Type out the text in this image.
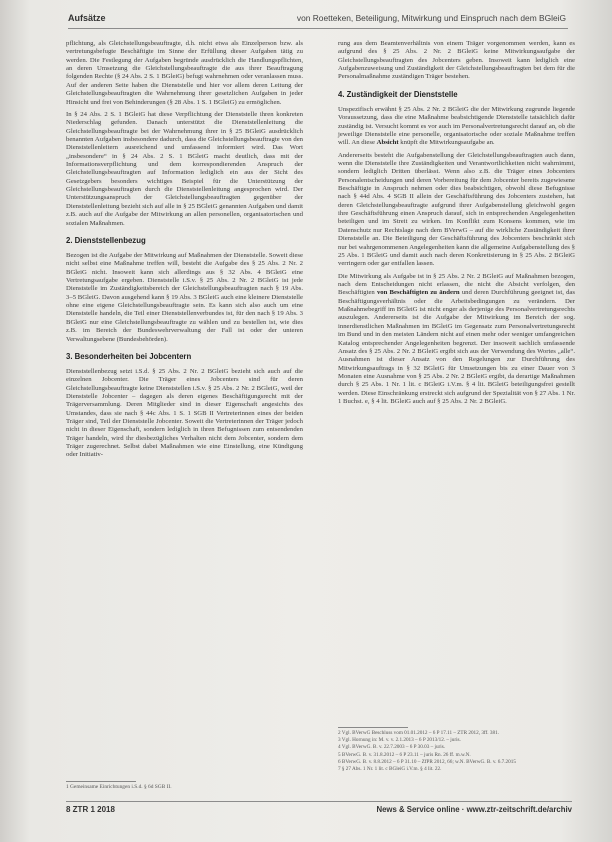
Aufsätze	von Roetteken, Beteiligung, Mitwirkung und Einspruch nach dem BGleiG

pflichtung, als Gleichstellungsbeauftragte, d.h. nicht etwa als Einzelperson bzw. als vertretungsbefugte Beschäftigte im Sinne der Erfüllung dieser Aufgaben tätig zu werden. Die Festlegung der Aufgaben begründe ausdrücklich die Handlungspflichten, an deren Umsetzung die Gleichstellungsbeauftragte die aus ihrer Beauftragung folgenden Rechte (§ 24 Abs. 2 S. 1 BGleiG) befugt wahrnehmen oder veranlassen muss. Auf der anderen Seite haben die Dienststelle und hier vor allem deren Leitung der Gleichstellungsbeauftragten die Wahrnehmung ihrer gesetzlichen Aufgaben in jeder Hinsicht und frei von Behinderungen (§ 28 Abs. 1 S. 1 BGleiG) zu ermöglichen.

In § 24 Abs. 2 S. 1 BGleiG hat diese Verpflichtung der Dienststelle ihren konkreten Niederschlag gefunden. Danach unterstützt die Dienststellenleitung die Gleichstellungsbeauftragte bei der Wahrnehmung ihrer in § 25 BGleiG ausdrücklich benannten Aufgaben insbesondere dadurch, dass die Gleichstellungsbeauftragte von den Dienststellenleitern ausreichend und umfassend informiert wird. Das Wort „insbesondere“ in § 24 Abs. 2 S. 1 BGleiG macht deutlich, dass mit der Informationsverpflichtung und dem korrespondierenden Anspruch der Gleichstellungsbeauftragten auf Information lediglich ein aus der Sicht des Gesetzgebers besonders wichtiges Beispiel für die Unterstützung der Gleichstellungsbeauftragten durch die Dienststellenleitung angesprochen wird. Der Unterstützungsanspruch der Gleichstellungsbeauftragten gegenüber der Dienststellenleitung bezieht sich auf alle in § 25 BGleiG genannten Aufgaben und damit z.B. auch auf die Aufgabe der Mitwirkung an allen personellen, organisatorischen und sozialen Maßnahmen.

2. Dienststellenbezug

Bezogen ist die Aufgabe der Mitwirkung auf Maßnahmen der Dienststelle. Soweit diese nicht selbst eine Maßnahme treffen will, besteht die Aufgabe des § 25 Abs. 2 Nr. 2 BGleiG nicht. Insoweit kann sich allerdings aus § 32 Abs. 4 BGleiG eine Vertretungsaufgabe ergeben. Dienststelle i.S.v. § 25 Abs. 2 Nr. 2 BGleiG ist jede Dienststelle im Zuständigkeitsbereich der Gleichstellungsbeauftragten nach § 19 Abs. 3–5 BGleiG. Davon ausgehend kann § 19 Abs. 3 BGleiG auch eine kleinere Dienststelle ohne eine eigene Gleichstellungsbeauftragte sein. Es kann sich also auch um eine Dienststelle handeln, die Teil einer Dienststellenverbundes ist, für den nach § 19 Abs. 3 BGleiG nur eine Gleichstellungsbeauftragte zu wählen und zu bestellen ist, wie dies z.B. im Bereich der Bundeswehrverwaltung der Fall ist oder der unteren Verwaltungsebene (Bundesbehörden).

3. Besonderheiten bei Jobcentern

Dienststellenbezug setzt i.S.d. § 25 Abs. 2 Nr. 2 BGleiG bezieht sich auch auf die einzelnen Jobcenter. Die Träger eines Jobcenters sind für deren Gleichstellungsbeauftragte keine Dienststellen i.S.v. § 25 Abs. 2 Nr. 2 BGleiG, weil der Dienststelle Jobcenter – dagegen als deren eigenes Beschäftigungsrecht mit der Trägerversammlung. Deren Mitglieder sind in dieser Eigenschaft angesichts des Umstandes, dass sie nach § 44c Abs. 1 S. 1 SGB II Vertreterinnen eines der beiden Träger sind, Teil der Dienststelle Jobcenter. Soweit die Vertreterinnen der Träger jedoch nicht in dieser Eigenschaft, sondern lediglich in ihren Befugnissen zum entsendenden Träger handeln, wird ihr diesbezügliches Verhalten nicht dem Jobcenter, sondern dem Träger zugerechnet. Selbst dabei Maßnahmen wie eine Einstellung, eine Kündigung oder Initiativ-

rung aus dem Beamtenverhältnis von einem Träger vorgenommen werden, kann es aufgrund des § 25 Abs. 2 Nr. 2 BGleiG keine Mitwirkungsaufgabe der Gleichstellungsbeauftragten des Jobcenters geben. Insoweit kann lediglich eine Aufgabenzuweisung und Zuständigkeit der Gleichstellungsbeauftragten bei dem für die Personalmaßnahme zuständigen Träger bestehen.

4. Zuständigkeit der Dienststelle

Unspezifisch erwähnt § 25 Abs. 2 Nr. 2 BGleiG die der Mitwirkung zugrunde liegende Voraussetzung, dass die eine Maßnahme beabsichtigende Dienststelle tatsächlich dafür zuständig ist. Versucht kommt es vor auch im Personalvertretungsrecht darauf an, ob die jeweilige Dienststelle eine personelle, organisatorische oder soziale Maßnahme treffen will. An diese Absicht knüpft die Mitwirkungsaufgabe an.

Andererseits besteht die Aufgabenstellung der Gleichstellungsbeauftragten auch dann, wenn die Dienststelle ihre Zuständigkeiten und Verantwortlichkeiten nicht wahrnimmt, sondern lediglich Dritten überlässt. Wenn also z.B. die Träger eines Jobcenters Personalentscheidungen und deren Vorbereitung für dem Jobcenter bereits zugewiesene Beschäftigte in Anspruch nehmen oder dies beabsichtigen, obwohl diese Befugnisse nach § 44d Abs. 4 SGB II allein der Geschäftsführung des Jobcenters zustehen, hat deren Gleichstellungsbeauftragte aufgrund ihrer Aufgabenstellung gleichwohl gegen ihre Geschäftsführung einen Anspruch darauf, sich in entsprechenden Angelegenheiten beteiligen und im Streit zu wirken. Im Konflikt zum Konsens kommen, wie im Datenschutz nur Rechtslage nach dem BVerwG – auf die wirkliche Zuständigkeit ihrer Dienststelle an. Die Beteiligung der Geschäftsführung des Jobcenters beschränkt sich nur bei wahrgenommenen Angelegenheiten kann die allgemeine Aufgabenstellung des § 25 Abs. 1 BGleiG und damit auch nach deren Konkretisierung in § 25 Abs. 2 BGleiG verringern oder gar entfallen lassen.

Die Mitwirkung als Aufgabe ist in § 25 Abs. 2 Nr. 2 BGleiG auf Maßnahmen bezogen, nach dem Entscheidungen nicht erlassen, die nicht die Absicht verfolgen, den Beschäftigten von Beschäftigten zu ändern und deren Durchführung geeignet ist, das Beschäftigungsverhältnis oder die Arbeitsbedingungen zu verändern. Der Maßnahmebegriff im BGleiG ist nicht enger als derjenige des Personalvertretungsrechts auszulegen. Andererseits ist die Aufgabe der Mitwirkung im Bereich der sog. innerdienstlichen Maßnahmen im BGleiG im Gegensatz zum Personalvertretungsrecht im Bund und in den meisten Ländern nicht auf einen mehr oder weniger umfangreichen Katalog entsprechender Angelegenheiten begrenzt. Der insoweit sachlich umfassende Ansatz des § 25 Abs. 2 Nr. 2 BGleiG ergibt sich aus der Verwendung des Wortes „alle“. Ausnahmen ist dieser Ansatz von den Regelungen zur Durchführung des Mitwirkungsauftrags in § 32 BGleiG für Umsetzungen bis zu einer Dauer von 3 Monaten eine Ausnahme von § 25 Abs. 2 Nr. 2 BGleiG ergibt, da derartige Maßnahmen durch § 25 Abs. 1 Nr. 1 lit. c BGleiG i.V.m. § 4 lit. BGleiG beteiligungsfrei gestellt werden. Diese Einschränkung erstreckt sich aufgrund der Spezialität von § 27 Abs. 1 Nr. 1 Buchst. e, § 4 lit. BGleiG auch auf § 25 Abs. 2 Nr. 2 BGleiG.

2 Vgl. BVerwG Beschluss vom 01.01.2012 – 6 P 17.11 – ZTR 2012, 3ff. 381.
3 Vgl. Hornung in: M. v. v. 2.1.2013 – 6 P 2013/12. – juris.
4 Vgl. BVerwG. B. v. 22.7.2003 – 6 P 30.03 – juris.
5 BVerwG. B. v. 31.8.2012 – 6 P 23.11 – juris Rn. 26 ff. m.w.N.
6 BVerwG. B. v. 8.8.2012 – 6 P 31.10 – ZfPR 2012, 66; w.N. BVerwG. B. v. 6.7.2015
7 § 27 Abs. 1 Nr. 1 lit. c BGleiG i.V.m. § 4 lit. 22.
1 Gemeinsame Einrichtungen i.S.d. § 6d SGB II.
8 ZTR 1 2018	News & Service online · www.ztr-zeitschrift.de/archiv
